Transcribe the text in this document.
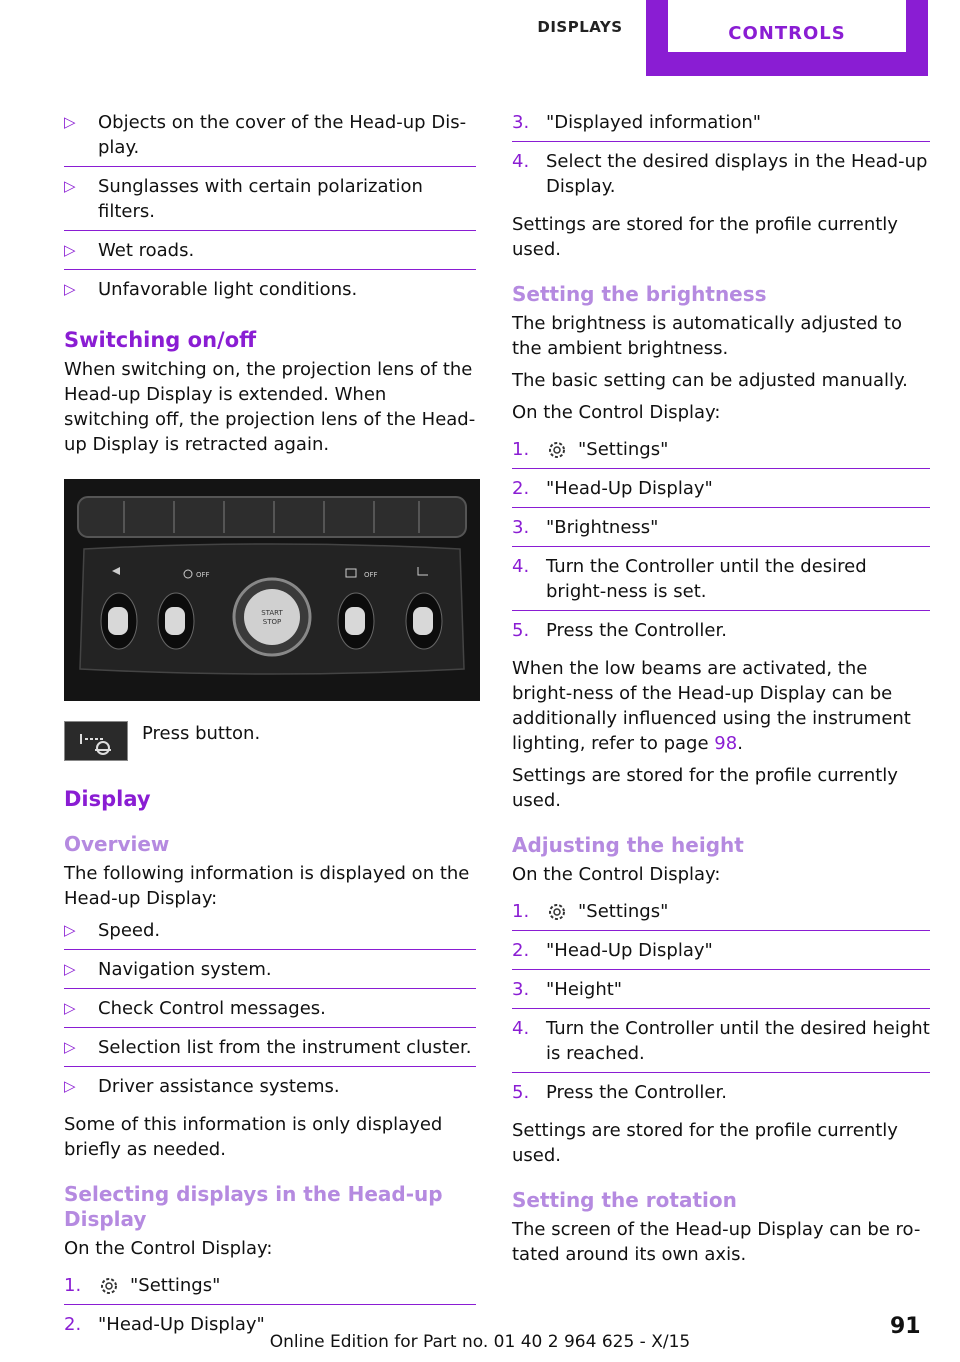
DISPLAYS	CONTROLS
▷	Objects on the cover of the Head-up Dis-play.
▷	Sunglasses with certain polarization filters.
▷	Wet roads.
▷	Unfavorable light conditions.
Switching on/off
When switching on, the projection lens of the Head-up Display is extended. When switching off, the projection lens of the Head-up Display is retracted again.
START
STOP
OFF	OFF
Press button.
Display
Overview
The following information is displayed on the Head-up Display:
▷	Speed.
▷	Navigation system.
▷	Check Control messages.
▷	Selection list from the instrument cluster.
▷	Driver assistance systems.
Some of this information is only displayed briefly as needed.
Selecting displays in the Head-up Display
On the Control Display:
1.	"Settings"
2. "Head-Up Display"
3. "Displayed information"
4. Select the desired displays in the Head-up Display.
Settings are stored for the profile currently used.
Setting the brightness
The brightness is automatically adjusted to the ambient brightness.
The basic setting can be adjusted manually.
On the Control Display:
1.	"Settings"
2. "Head-Up Display"
3. "Brightness"
4. Turn the Controller until the desired bright-ness is set.
5. Press the Controller.
When the low beams are activated, the bright-ness of the Head-up Display can be additionally influenced using the instrument lighting, refer to page 98.
Settings are stored for the profile currently used.
Adjusting the height
On the Control Display:
1.	"Settings"
2. "Head-Up Display"
3. "Height"
4. Turn the Controller until the desired height is reached.
5. Press the Controller.
Settings are stored for the profile currently used.
Setting the rotation
The screen of the Head-up Display can be ro-tated around its own axis.
91
Online Edition for Part no. 01 40 2 964 625 - X/15
